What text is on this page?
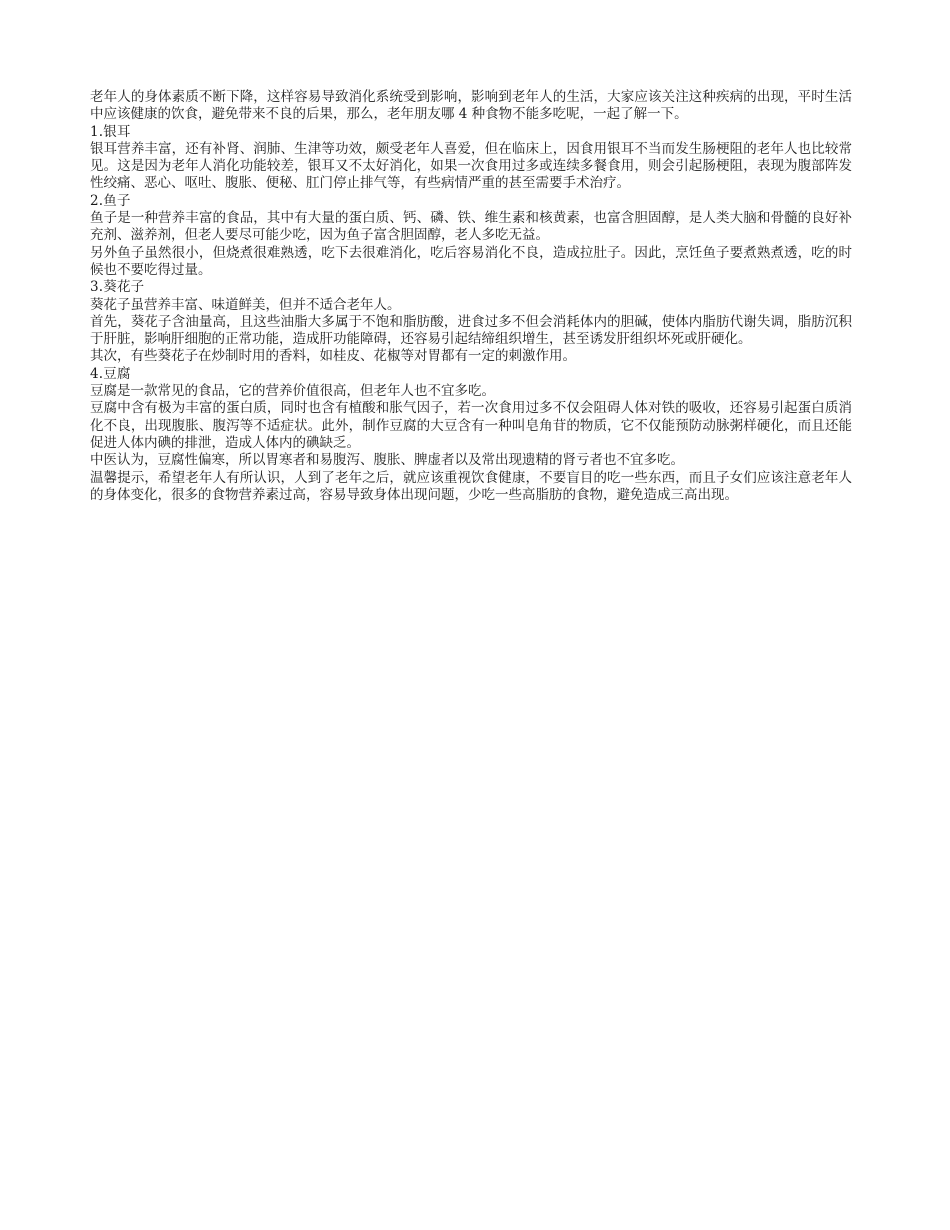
老年人的身体素质不断下降，这样容易导致消化系统受到影响，影响到老年人的生活，大家应该关注这种疾病的出现，平时生活中应该健康的饮食，避免带来不良的后果，那么，老年朋友哪 4 种食物不能多吃呢，一起了解一下。

1.银耳

银耳营养丰富，还有补肾、润肺、生津等功效，颇受老年人喜爱，但在临床上，因食用银耳不当而发生肠梗阻的老年人也比较常见。这是因为老年人消化功能较差，银耳又不太好消化，如果一次食用过多或连续多餐食用，则会引起肠梗阻，表现为腹部阵发性绞痛、恶心、呕吐、腹胀、便秘、肛门停止排气等，有些病情严重的甚至需要手术治疗。

2.鱼子

鱼子是一种营养丰富的食品，其中有大量的蛋白质、钙、磷、铁、维生素和核黄素，也富含胆固醇，是人类大脑和骨髓的良好补充剂、滋养剂，但老人要尽可能少吃，因为鱼子富含胆固醇，老人多吃无益。

另外鱼子虽然很小，但烧煮很难熟透，吃下去很难消化，吃后容易消化不良，造成拉肚子。因此，烹饪鱼子要煮熟煮透，吃的时候也不要吃得过量。

3.葵花子

葵花子虽营养丰富、味道鲜美，但并不适合老年人。

首先，葵花子含油量高，且这些油脂大多属于不饱和脂肪酸，进食过多不但会消耗体内的胆碱，使体内脂肪代谢失调，脂肪沉积于肝脏，影响肝细胞的正常功能，造成肝功能障碍，还容易引起结缔组织增生，甚至诱发肝组织坏死或肝硬化。

其次，有些葵花子在炒制时用的香料，如桂皮、花椒等对胃都有一定的刺激作用。

4.豆腐

豆腐是一款常见的食品，它的营养价值很高，但老年人也不宜多吃。

豆腐中含有极为丰富的蛋白质，同时也含有植酸和胀气因子，若一次食用过多不仅会阻碍人体对铁的吸收，还容易引起蛋白质消化不良，出现腹胀、腹泻等不适症状。此外，制作豆腐的大豆含有一种叫皂角苷的物质，它不仅能预防动脉粥样硬化，而且还能促进人体内碘的排泄，造成人体内的碘缺乏。

中医认为，豆腐性偏寒，所以胃寒者和易腹泻、腹胀、脾虚者以及常出现遗精的肾亏者也不宜多吃。

温馨提示，希望老年人有所认识，人到了老年之后，就应该重视饮食健康，不要盲目的吃一些东西，而且子女们应该注意老年人的身体变化，很多的食物营养素过高，容易导致身体出现问题，少吃一些高脂肪的食物，避免造成三高出现。
